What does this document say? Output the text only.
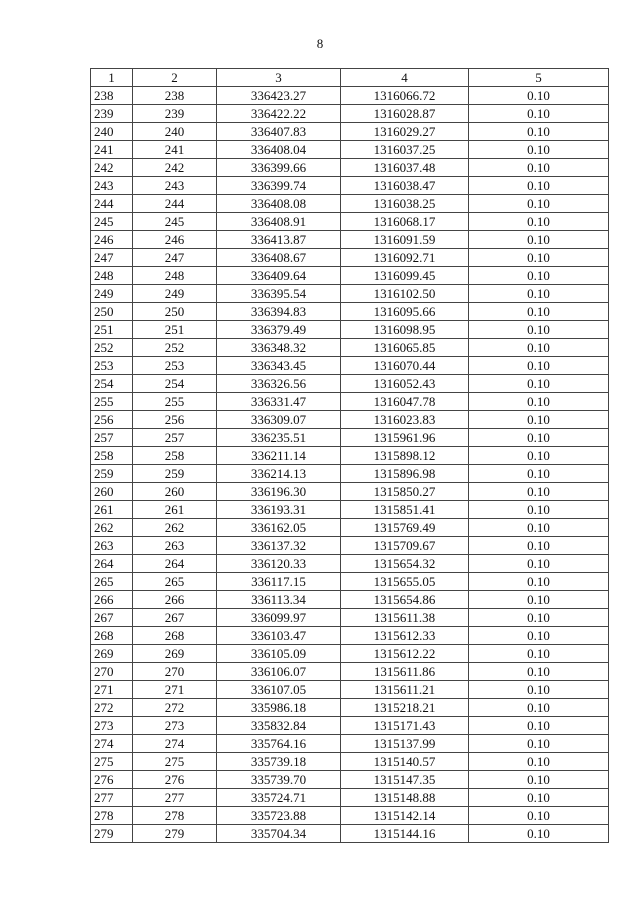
8
1	2	3	4	5
238	238	336423.27	1316066.72	0.10
239	239	336422.22	1316028.87	0.10
240	240	336407.83	1316029.27	0.10
241	241	336408.04	1316037.25	0.10
242	242	336399.66	1316037.48	0.10
243	243	336399.74	1316038.47	0.10
244	244	336408.08	1316038.25	0.10
245	245	336408.91	1316068.17	0.10
246	246	336413.87	1316091.59	0.10
247	247	336408.67	1316092.71	0.10
248	248	336409.64	1316099.45	0.10
249	249	336395.54	1316102.50	0.10
250	250	336394.83	1316095.66	0.10
251	251	336379.49	1316098.95	0.10
252	252	336348.32	1316065.85	0.10
253	253	336343.45	1316070.44	0.10
254	254	336326.56	1316052.43	0.10
255	255	336331.47	1316047.78	0.10
256	256	336309.07	1316023.83	0.10
257	257	336235.51	1315961.96	0.10
258	258	336211.14	1315898.12	0.10
259	259	336214.13	1315896.98	0.10
260	260	336196.30	1315850.27	0.10
261	261	336193.31	1315851.41	0.10
262	262	336162.05	1315769.49	0.10
263	263	336137.32	1315709.67	0.10
264	264	336120.33	1315654.32	0.10
265	265	336117.15	1315655.05	0.10
266	266	336113.34	1315654.86	0.10
267	267	336099.97	1315611.38	0.10
268	268	336103.47	1315612.33	0.10
269	269	336105.09	1315612.22	0.10
270	270	336106.07	1315611.86	0.10
271	271	336107.05	1315611.21	0.10
272	272	335986.18	1315218.21	0.10
273	273	335832.84	1315171.43	0.10
274	274	335764.16	1315137.99	0.10
275	275	335739.18	1315140.57	0.10
276	276	335739.70	1315147.35	0.10
277	277	335724.71	1315148.88	0.10
278	278	335723.88	1315142.14	0.10
279	279	335704.34	1315144.16	0.10
